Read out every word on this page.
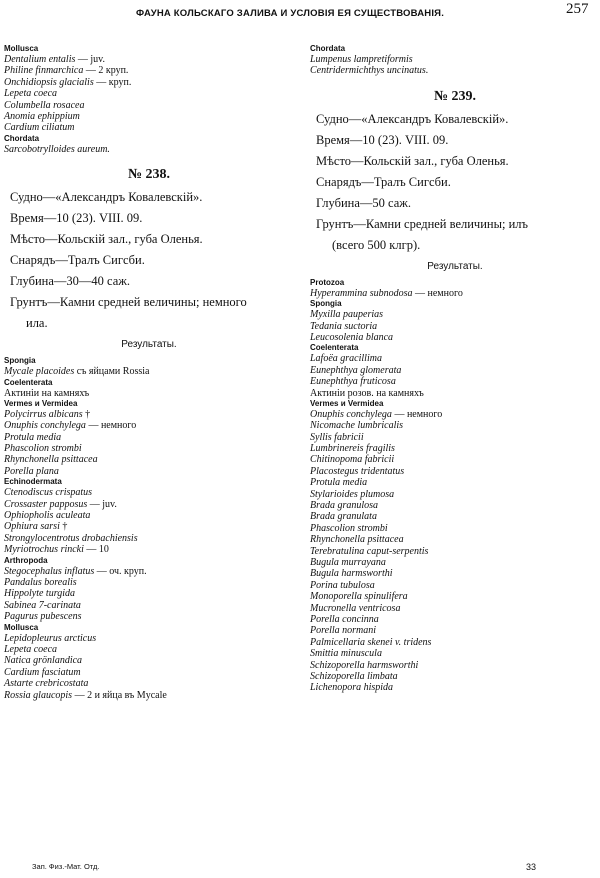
ФАУНА КОЛЬСКАГО ЗАЛИВА И УСЛОВІЯ ЕЯ СУЩЕСТВОВАНІЯ.	257
Mollusca
Dentalium entalis — juv.
Philine finmarchica — 2 круп.
Onchidiopsis glacialis — круп.
Lepeta coeca
Columbella rosacea
Anomia ephippium
Cardium ciliatum
Chordata
Sarcobotrylloides aureum.
№ 238.
Судно—«Александръ Ковалевскій».
Время—10 (23). VIII. 09.
Мѣсто—Кольскій зал., губа Оленья.
Снарядъ—Тралъ Сигсби.
Глубина—30—40 саж.
Грунтъ—Камни средней величины; немного
ила.
Результаты.
Spongia
Mycale placoides съ яйцами Rossia
Coelenterata
Актиніи на камняхъ
Vermes и Vermidea
Polycirrus albicans †
Onuphis conchylega — немного
Protula media
Phascolion strombi
Rhynchonella psittacea
Porella plana
Echinodermata
Ctenodiscus crispatus
Crossaster papposus — juv.
Ophiopholis aculeata
Ophiura sarsi †
Strongylocentrotus drobachiensis
Myriotrochus rincki — 10
Arthropoda
Stegocephalus inflatus — оч. круп.
Pandalus borealis
Hippolyte turgida
Sabinea 7-carinata
Pagurus pubescens
Mollusca
Lepidopleurus arcticus
Lepeta coeca
Natica grönlandica
Cardium fasciatum
Astarte crebricostata
Rossia glaucopis — 2 и яйца въ Mycale
Chordata
Lumpenus lampretiformis
Centridermichthys uncinatus.
№ 239.
Судно—«Александръ Ковалевскій».
Время—10 (23). VIII. 09.
Мѣсто—Кольскій зал., губа Оленья.
Снарядъ—Тралъ Сигсби.
Глубина—50 саж.
Грунтъ—Камни средней величины; илъ
(всего 500 клгр).
Результаты.
Protozoa
Hyperammina subnodosa — немного
Spongia
Myxilla pauperias
Tedania suctoria
Leucosolenia blanca
Coelenterata
Lafoëa gracillima
Eunephthya glomerata
Eunephthya fruticosa
Актиніи розов. на камняхъ
Vermes и Vermidea
Onuphis conchylega — немного
Nicomache lumbricalis
Syllis fabricii
Lumbrinereis fragilis
Chitinopoma fabricii
Placostegus tridentatus
Protula media
Stylarioides plumosa
Brada granulosa
Brada granulata
Phascolion strombi
Rhynchonella psittacea
Terebratulina caput-serpentis
Bugula murrayana
Bugula harmsworthi
Porina tubulosa
Monoporella spinulifera
Mucronella ventricosa
Porella concinna
Porella normani
Palmicellaria skenei v. tridens
Smittia minuscula
Schizoporella harmsworthi
Schizoporella limbata
Lichenopora hispida
Зап. Физ.-Мат. Отд.	33
